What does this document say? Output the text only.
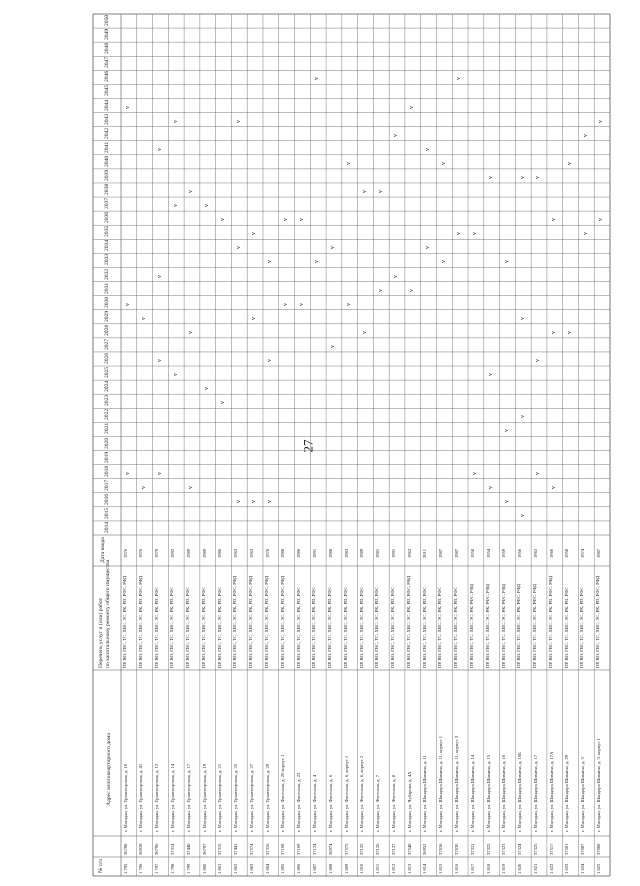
27
№ п/п
Адрес многоквартирного дома
Перечень услуг и (или) работ по капитальному ремонту общего имущества
Дата ввода
2014
2015
2016
2017
2018
2019
2020
2021
2022
2023
2024
2025
2026
2027
2028
2029
2030
2031
2032
2033
2034
2035
2036
2037
2038
2039
2040
2041
2042
2043
2044
2045
2046
2047
2048
2049
2050
1 795
36798
г. Магадан, ул. Транспортная, д. 10
ПР, ВО, ГВС, ТС, ХВС, ЭС, РК, РП, РФС, РФД
1976
v
v
v
1 796
36928
г. Магадан, ул. Транспортная, д. 41
ПР, ВО, ГВС, ТС, ХВС, ЭС, РК, РП, РФС, РФД
1976
v
v
1 797
36796
г. Магадан, ул. Транспортная, д. 12
ПР, ВО, ГВС, ТС, ХВС, ЭС, РК, РП, РФС
1979
v
v
v
v
1 798
37314
г. Магадан, ул. Транспортная, д. 14
ПР, ВО, ГВС, ТС, ХВС, ЭС, РК, РП, РФС
1992
v
v
v
1 799
37440
г. Магадан, ул. Транспортная, д. 17
ПР, ВО, ГВС, ТС, ХВС, ЭС, РК, РП, РФС
1989
v
v
v
1 800
36797
г. Магадан, ул. Транспортная, д. 19
ПР, ВО, ГВС, ТС, ХВС, ЭС, РК, РП, РФС
1989
v
v
1 801
37315
г. Магадан, ул. Транспортная, д. 21
ПР, ВО, ГВС, ТС, ХВС, ЭС, РК, РП, РФС
1986
v
v
1 802
37441
г. Магадан, ул. Транспортная, д. 25
ПР, ВО, ГВС, ТС, ХВС, ЭС, РК, РП, РФС, РФД
1963
v
v
v
1 803
37574
г. Магадан, ул. Транспортная, д. 27
ПР, ВО, ГВС, ТС, ХВС, ЭС, РК, РП, РФС, РФД
1963
v
v
v
1 804
37316
г. Магадан, ул. Транспортная, д. 29
ПР, ВО, ГВС, ТС, ХВС, ЭС, РК, РП, РФС, РФД
1970
v
v
v
1 805
37168
г. Магадан, ул. Флотская, д. 20 корпус 1
ПР, ВО, ГВС, ТС, ХВС, ЭС, РК, РП, РФС, РФД
1988
v
v
1 806
37169
г. Магадан, ул. Флотская, д. 22
ПР, ВО, ГВС, ТС, ХВС, ЭС, РК, РП, РФС
1986
v
v
1 807
37124
г. Магадан, ул. Флотская, д. 4
ПР, ВО, ГВС, ТС, ХВС, ЭС, РК, РП, РФС
1991
v
v
1 808
36974
г. Магадан, ул. Флотская, д. 6
ПР, ВО, ГВС, ТС, ХВС, ЭС, РК, РП, РФС
1988
v
v
1 809
37575
г. Магадан, ул. Флотская, д. 6, корпус 1
ПР, ВО, ГВС, ТС, ХВС, ЭС, РК, РП, РФС
1983
v
v
1 810
37125
г. Магадан, ул. Флотская, д. 6, корпус 2
ПР, ВО, ГВС, ТС, ХВС, ЭС, РК, РП, РФС
1989
v
v
1 811
37126
г. Магадан, ул. Флотская, д. 7
ПР, ВО, ГВС, ТС, ХВС, ЭС, РК, РП, РФС
1981
v
v
1 812
37127
г. Магадан, ул. Флотская, д. 8
ПР, ВО, ГВС, ТС, ХВС, ЭС, РК, РП, РФС
1991
v
v
1 813
37548
г. Магадан, ул. Чубарова, д. 4А
ПР, ВО, ГВС, ТС, ХВС, ЭС, РК, РП, РФС, РФД
1962
v
v
1 814
36952
г. Магадан, ул. Шандора Шимича, д. 11
ПР, ВО, ГВС, ТС, ХВС, ЭС, РК, РП, РФС
2011
v
v
1 815
37036
г. Магадан, ул. Шандора Шимича, д. 11, корпус 1
ПР, ВО, ГВС, ТС, ХВС, ЭС, РК, РП, РФС
1987
v
v
1 816
37030
г. Магадан, ул. Шандора Шимича, д. 11, корпус 3
ПР, ВО, ГВС, ТС, ХВС, ЭС, РК, РП, РФС
1987
v
v
1 817
37321
г. Магадан, ул. Шандора Шимича, д. 14
ПР, ВО, ГВС, ТС, ХВС, ЭС, РК, РФС, РФД
1958
v
v
1 818
37322
г. Магадан, ул. Шандора Шимича, д. 15
ПР, ВО, ГВС, ТС, ХВС, ЭС, РК, РФС, РФД
1954
v
v
v
1 819
37323
г. Магадан, ул. Шандора Шимича, д. 16
ПР, ВО, ГВС, ТС, ХВС, ЭС, РК, РФС, РФД
1959
v
v
v
1 820
37324
г. Магадан, ул. Шандора Шимича, д. 16Б
ПР, ВО, ГВС, ТС, ХВС, ЭС, РК, РФС, РФД
1956
v
v
v
v
1 821
37325
г. Магадан, ул. Шандора Шимича, д. 17
ПР, ВО, ГВС, ТС, ХВС, ЭС, РК, РФС, РФД
1962
v
v
v
1 822
37517
г. Магадан, ул. Шандора Шимича, д. 17А
ПР, ВО, ГВС, ТС, ХВС, ЭС, РК, РП, РФС, РФД
1960
v
v
v
1 823
37501
г. Магадан, ул. Шандора Шимича, д. 29
ПР, ВО, ГВС, ТС, ХВС, ЭС, РК, РП, РФС
1958
v
v
1 824
37087
г. Магадан, ул. Шандора Шимича, д. 3
ПР, ВО, ГВС, ТС, ХВС, ЭС, РК, РП, РФС
1974
v
v
1 825
37088
г. Магадан, ул. Шандора Шимича, д. 3, корпус 1
ПР, ВО, ГВС, ТС, ХВС, ЭС, РК, РП, РФС, РФД
1987
v
v
